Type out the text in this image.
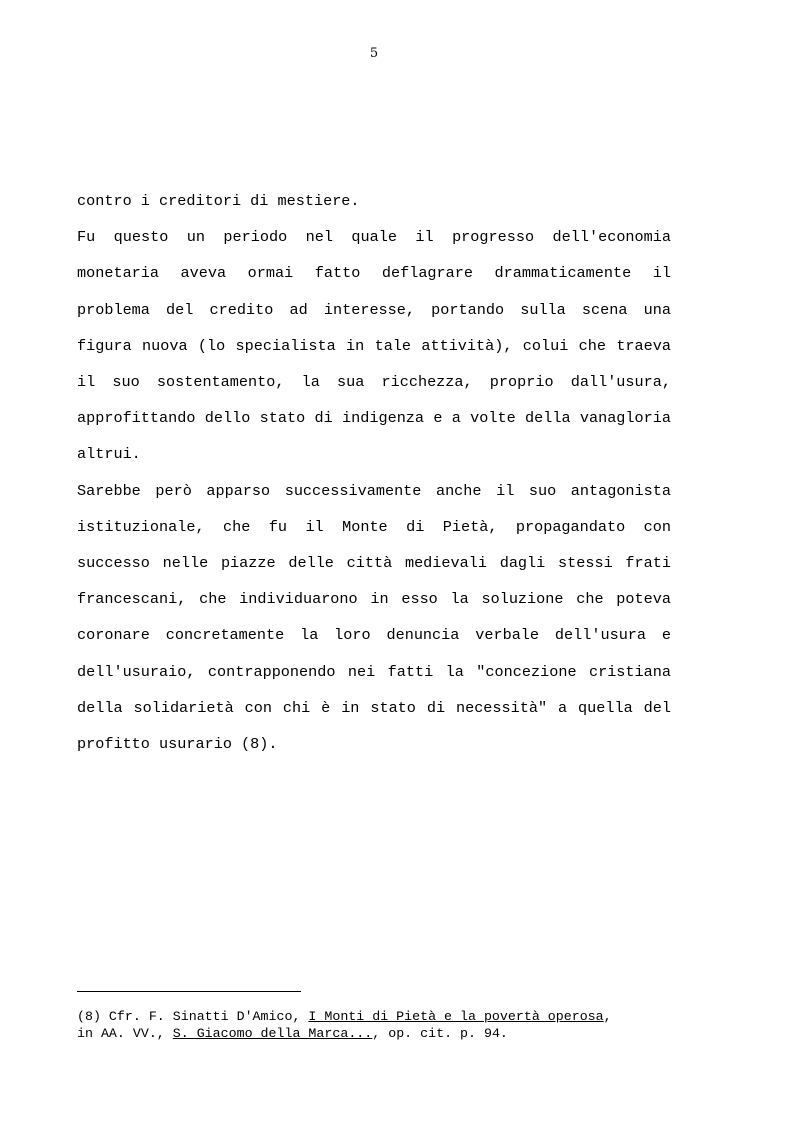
5

contro i creditori di mestiere.

Fu questo un periodo nel quale il progresso dell'economia monetaria aveva ormai fatto deflagrare drammaticamente il problema del credito ad interesse, portando sulla scena una figura nuova (lo specialista in tale attività), colui che traeva il suo sostentamento, la sua ricchezza, proprio dall'usura, approfittando dello stato di indigenza e a volte della vanagloria altrui.

Sarebbe però apparso successivamente anche il suo antagonista istituzionale, che fu il Monte di Pietà, propagandato con successo nelle piazze delle città medievali dagli stessi frati francescani, che individuarono in esso la soluzione che poteva coronare concretamente la loro denuncia verbale dell'usura e dell'usuraio, contrapponendo nei fatti la "concezione cristiana della solidarietà con chi è in stato di necessità" a quella del profitto usurario (8).

(8) Cfr. F. Sinatti D'Amico, I Monti di Pietà e la povertà operosa,

in AA. VV., S. Giacomo della Marca..., op. cit. p. 94.
